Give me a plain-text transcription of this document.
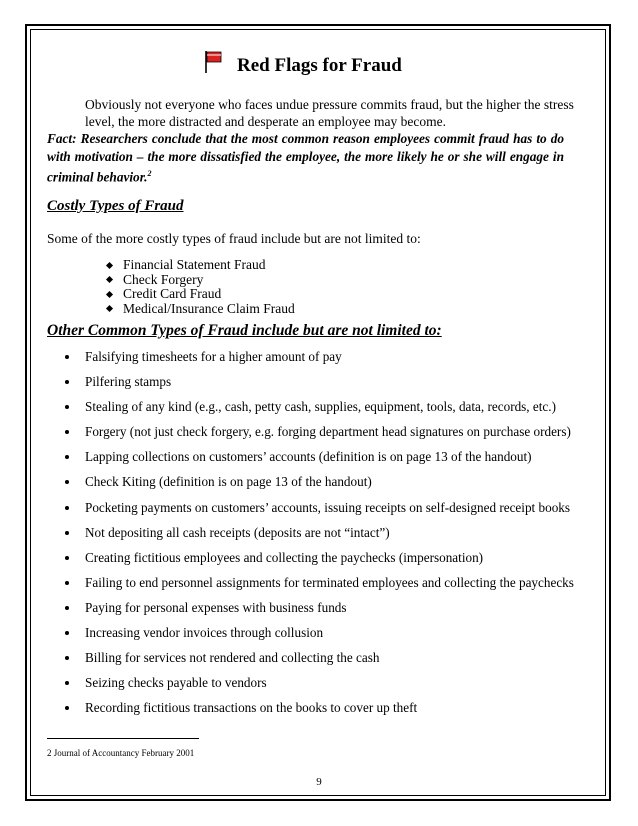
Red Flags for Fraud
Obviously not everyone who faces undue pressure commits fraud, but the higher the stress level, the more distracted and desperate an employee may become.
Fact: Researchers conclude that the most common reason employees commit fraud has to do with motivation – the more dissatisfied the employee, the more likely he or she will engage in criminal behavior.$^2$
Costly Types of Fraud
Some of the more costly types of fraud include but are not limited to:
Financial Statement Fraud
Check Forgery
Credit Card Fraud
Medical/Insurance Claim Fraud
Other Common Types of Fraud include but are not limited to:
Falsifying timesheets for a higher amount of pay
Pilfering stamps
Stealing of any kind (e.g., cash, petty cash, supplies, equipment, tools, data, records, etc.)
Forgery (not just check forgery, e.g. forging department head signatures on purchase orders)
Lapping collections on customers’ accounts (definition is on page 13 of the handout)
Check Kiting (definition is on page 13 of the handout)
Pocketing payments on customers’ accounts, issuing receipts on self-designed receipt books
Not depositing all cash receipts (deposits are not “intact”)
Creating fictitious employees and collecting the paychecks (impersonation)
Failing to end personnel assignments for terminated employees and collecting the paychecks
Paying for personal expenses with business funds
Increasing vendor invoices through collusion
Billing for services not rendered and collecting the cash
Seizing checks payable to vendors
Recording fictitious transactions on the books to cover up theft
2 Journal of Accountancy February 2001
9
